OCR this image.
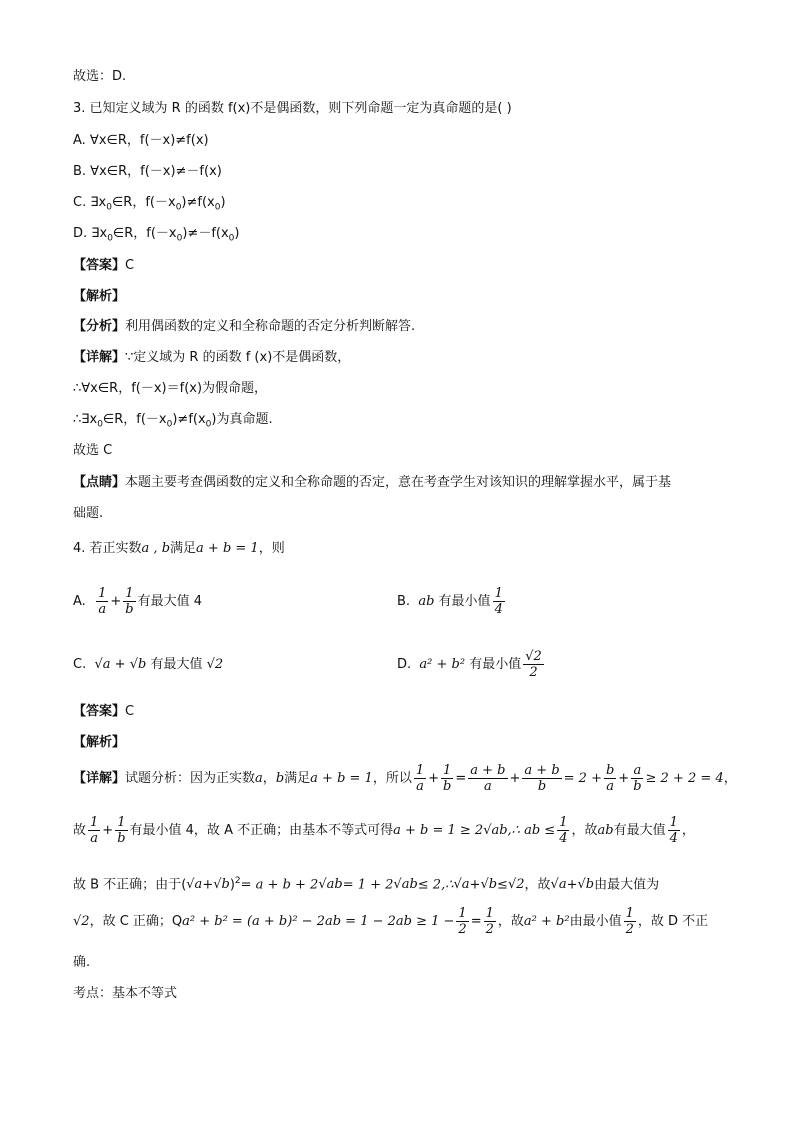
故选：D.
3. 已知定义域为 R 的函数 f(x)不是偶函数，则下列命题一定为真命题的是( )
A. ∀x∈R，f(－x)≠f(x)
B. ∀x∈R，f(－x)≠－f(x)
C. $\exists x_0\in R$，$f(-x_0)\ne f(x_0)$
D. $\exists x_0\in R$，$f(-x_0)\ne-f(x_0)$
【答案】C
【解析】
【分析】利用偶函数的定义和全称命题的否定分析判断解答.
【详解】∵定义域为 R 的函数 f (x)不是偶函数，
∴∀x∈R，f(－x)＝f(x)为假命题，
$\therefore\exists x_0\in R$，$f(-x_0)\ne f(x_0)$为真命题.
故选 C
【点睛】本题主要考查偶函数的定义和全称命题的否定，意在考查学生对该知识的理解掌握水平，属于基
础题.
4. 若正实数a , b满足a + b = 1，则
A. $\frac{1}{a} + \frac{1}{b}$ 有最大值 4	B. ab 有最小值 $\frac{1}{4}$
C. √a + √b 有最大值 √2	D. a² + b² 有最小值 $\frac{√2}{2}$
【答案】C
【解析】
【详解】试题分析：因为正实数a，b满足a + b = 1，所以 $\frac{1}{a} + \frac{1}{b} = \frac{a + b}{a} + \frac{a + b}{b} = 2 + \frac{b}{a} + \frac{a}{b} \ge 2 + 2 = 4$，
故 $\frac{1}{a} + \frac{1}{b}$ 有最小值 4，故 A 不正确；由基本不等式可得a + b = 1 ≥ 2√ab,∴ ab ≤ $\frac{1}{4}$ ，故ab有最大值 $\frac{1}{4}$ ，
故 B 不正确；由于$(√a+√b)^2= a + b + 2√ab= 1 + 2√ab\le$ 2,∴√a+√b≤√2，故√a+√b由最大值为
√2，故 C 正确；$Qa^2 + b^2 = (a + b)^2 - 2ab = 1 - 2ab \ge 1 - \frac{1}{2} = \frac{1}{2}$ ，故a² + b²由最小值 $\frac{1}{2}$ ，故 D 不正
确.
考点：基本不等式
